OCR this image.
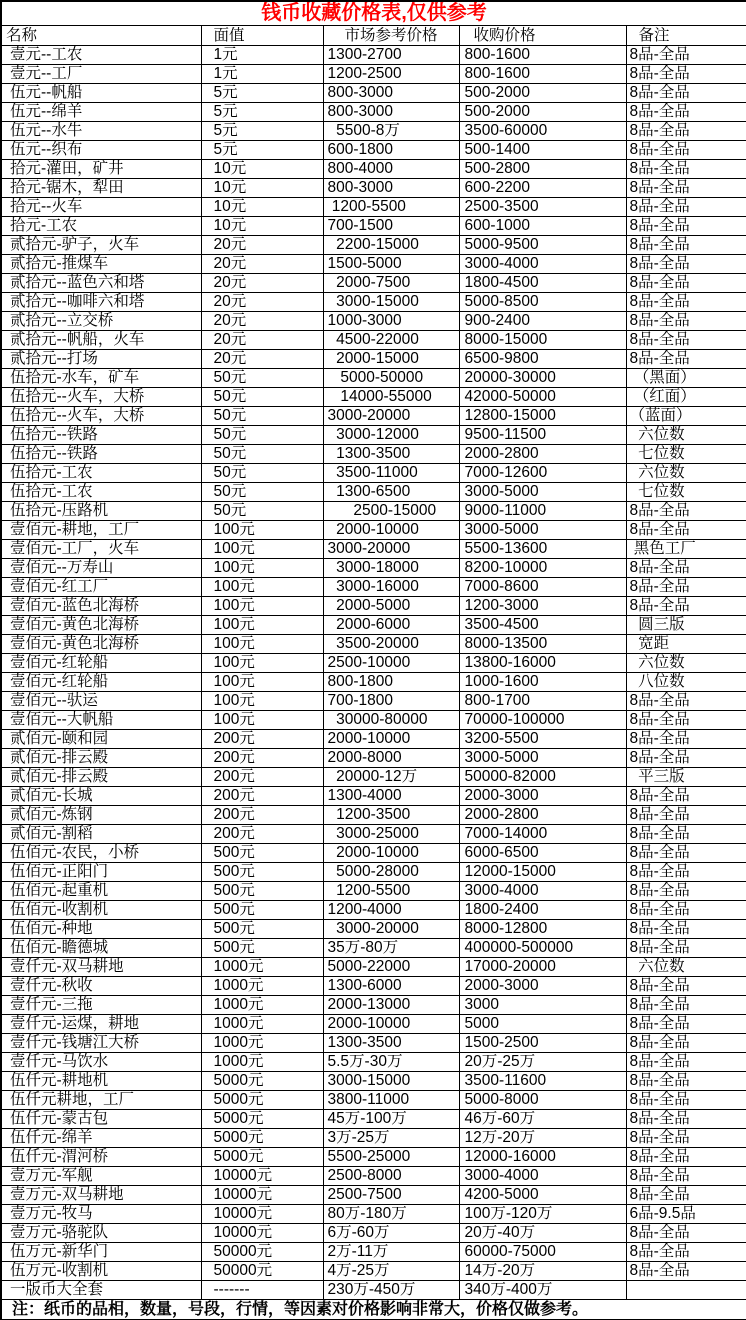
钱币收藏价格表,仅供参考				
名称	面值	市场参考价格	收购价格	备注
壹元--工农	1元	1300-2700	800-1600	8品-全品
壹元--工厂	1元	1200-2500	800-1600	8品-全品
伍元--帆船	5元	800-3000	500-2000	8品-全品
伍元--绵羊	5元	800-3000	500-2000	8品-全品
伍元--水牛	5元	5500-8万	3500-60000	8品-全品
伍元--织布	5元	600-1800	500-1400	8品-全品
拾元-灌田，矿井	10元	800-4000	500-2800	8品-全品
拾元-锯木，犁田	10元	800-3000	600-2200	8品-全品
拾元--火车	10元	1200-5500	2500-3500	8品-全品
拾元-工农	10元	700-1500	600-1000	8品-全品
贰拾元-驴子，火车	20元	2200-15000	5000-9500	8品-全品
贰拾元-推煤车	20元	1500-5000	3000-4000	8品-全品
贰拾元--蓝色六和塔	20元	2000-7500	1800-4500	8品-全品
贰拾元--咖啡六和塔	20元	3000-15000	5000-8500	8品-全品
贰拾元--立交桥	20元	1000-3000	900-2400	8品-全品
贰拾元--帆船，火车	20元	4500-22000	8000-15000	8品-全品
贰拾元--打场	20元	2000-15000	6500-9800	8品-全品
伍拾元-水车，矿车	50元	5000-50000	20000-30000	（黑面）
伍拾元--火车，大桥	50元	14000-55000	42000-50000	（红面）
伍拾元--火车，大桥	50元	3000-20000	12800-15000	（蓝面）
伍拾元--铁路	50元	3000-12000	9500-11500	六位数
伍拾元--铁路	50元	1300-3500	2000-2800	七位数
伍拾元-工农	50元	3500-11000	7000-12600	六位数
伍拾元-工农	50元	1300-6500	3000-5000	七位数
伍拾元-压路机	50元	2500-15000	9000-11000	8品-全品
壹佰元-耕地，工厂	100元	2000-10000	3000-5000	8品-全品
壹佰元-工厂，火车	100元	3000-20000	5500-13600	黑色工厂
壹佰元--万寿山	100元	3000-18000	8200-10000	8品-全品
壹佰元-红工厂	100元	3000-16000	7000-8600	8品-全品
壹佰元-蓝色北海桥	100元	2000-5000	1200-3000	8品-全品
壹佰元-黄色北海桥	100元	2000-6000	3500-4500	圆三版
壹佰元-黄色北海桥	100元	3500-20000	8000-13500	宽距
壹佰元-红轮船	100元	2500-10000	13800-16000	六位数
壹佰元-红轮船	100元	800-1800	1000-1600	八位数
壹佰元--驮运	100元	700-1800	800-1700	8品-全品
壹佰元--大帆船	100元	30000-80000	70000-100000	8品-全品
贰佰元-颐和园	200元	2000-10000	3200-5500	8品-全品
贰佰元-排云殿	200元	2000-8000	3000-5000	8品-全品
贰佰元-排云殿	200元	20000-12万	50000-82000	平三版
贰佰元-长城	200元	1300-4000	2000-3000	8品-全品
贰佰元-炼钢	200元	1200-3500	2000-2800	8品-全品
贰佰元-割稻	200元	3000-25000	7000-14000	8品-全品
伍佰元-农民，小桥	500元	2000-10000	6000-6500	8品-全品
伍佰元-正阳门	500元	5000-28000	12000-15000	8品-全品
伍佰元-起重机	500元	1200-5500	3000-4000	8品-全品
伍佰元-收割机	500元	1200-4000	1800-2400	8品-全品
伍佰元-种地	500元	3000-20000	8000-12800	8品-全品
伍佰元-瞻德城	500元	35万-80万	400000-500000	8品-全品
壹仟元-双马耕地	1000元	5000-22000	17000-20000	六位数
壹仟元-秋收	1000元	1300-6000	2000-3000	8品-全品
壹仟元-三拖	1000元	2000-13000	3000	8品-全品
壹仟元-运煤，耕地	1000元	2000-10000	5000	8品-全品
壹仟元-钱塘江大桥	1000元	1300-3500	1500-2500	8品-全品
壹仟元-马饮水	1000元	5.5万-30万	20万-25万	8品-全品
伍仟元-耕地机	5000元	3000-15000	3500-11600	8品-全品
伍仟元耕地，工厂	5000元	3800-11000	5000-8000	8品-全品
伍仟元-蒙古包	5000元	45万-100万	46万-60万	8品-全品
伍仟元-绵羊	5000元	3万-25万	12万-20万	8品-全品
伍仟元-渭河桥	5000元	5500-25000	12000-16000	8品-全品
壹万元-军舰	10000元	2500-8000	3000-4000	8品-全品
壹万元-双马耕地	10000元	2500-7500	4200-5000	8品-全品
壹万元-牧马	10000元	80万-180万	100万-120万	6品-9.5品
壹万元-骆驼队	10000元	6万-60万	20万-40万	8品-全品
伍万元-新华门	50000元	2万-11万	60000-75000	8品-全品
伍万元-收割机	50000元	4万-25万	14万-20万	8品-全品
一版币大全套	-------	230万-450万	340万-400万	
注：纸币的品相，数量，号段，行情，等因素对价格影响非常大，价格仅做参考。				
